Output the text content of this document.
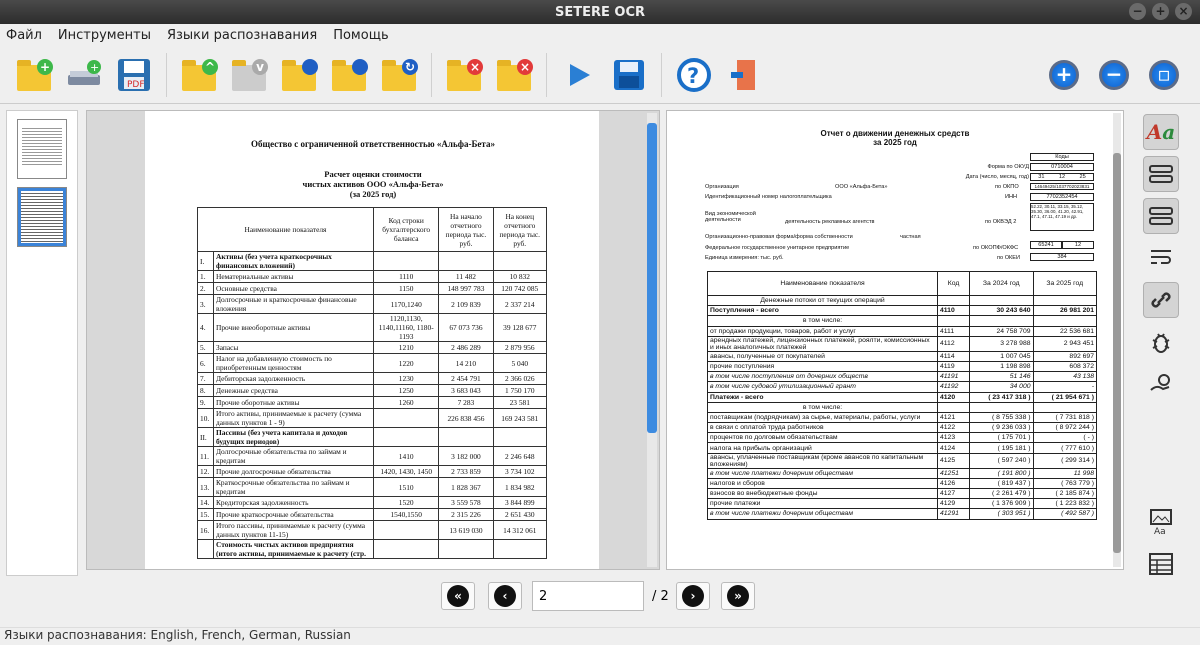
SETERE OCR	− + ×
Файл Инструменты Языки распознавания Помощь
+	+
PDF
^	v	↻	×	×	?	+	−	▫
Общество с ограниченной ответственностью «Альфа-Бета»
Расчет оценки стоимости
чистых активов ООО «Альфа-Бета»
(за 2025 год)
Наименование показателя		Код строки бухгалтерского баланса	На начало отчетного периода тыс. руб.	На конец отчетного периода тыс. руб.
I.	Активы (без учета краткосрочных финансовых вложений)			
1.	Нематериальные активы	1110	11 482	10 832
2.	Основные средства	1150	148 997 783	120 742 085
3.	Долгосрочные и краткосрочные финансовые вложения	1170,1240	2 109 839	2 337 214
4.	Прочие внеоборотные активы	1120,1130, 1140,11160, 1180-1193	67 073 736	39 128 677
5.	Запасы	1210	2 486 289	2 879 956
6.	Налог на добавленную стоимость по приобретенным ценностям	1220	14 210	5 040
7.	Дебиторская задолженность	1230	2 454 791	2 366 026
8.	Денежные средства	1250	3 683 043	1 750 170
9.	Прочие оборотные активы	1260	7 283	23 581
10.	Итого активы, принимаемые к расчету (сумма данных пунктов 1 - 9)		226 838 456	169 243 581
II.	Пассивы (без учета капитала и доходов будущих периодов)			
11.	Долгосрочные обязательства по займам и кредитам	1410	3 182 000	2 246 648
12.	Прочие долгосрочные обязательства	1420, 1430, 1450	2 733 859	3 734 102
13.	Краткосрочные обязательства по займам и кредитам	1510	1 828 367	1 834 982
14.	Кредиторская задолженность	1520	3 559 578	3 844 899
15.	Прочие краткосрочные обязательства	1540,1550	2 315 226	2 651 430
16.	Итого пассивы, принимаемые к расчету (сумма данных пунктов 11-15)		13 619 030	14 312 061
	Стоимость чистых активов предприятия (итого активы, принимаемые к расчету (стр.			
Отчет о движении денежных средств
за 2025 год
Коды
Форма по ОКУД	0710004
Дата (число, месяц, год) 31	12	25
Организация	ООО «Альфа-Бета»	по ОКПО	14649425/1037702023831
Идентификационный номер налогоплательщика	ИНН	7702352454
Вид экономической деятельности	деятельность рекламных агентств	по ОКВЭД 2
52.22, 30.11, 33.15, 35.12, 35.30, 36.00, 41.20, 42.91, 47.1, 47.11, 47.19 и др.
Организационно-правовая форма/форма собственности	частная
Федеральное государственное унитарное предприятие	по ОКОПФ/ОКФС	65241	12
Единица измерения: тыс. руб.	по ОКЕИ	384
Наименование показателя	Код	За 2024 год	За 2025 год
Денежные потоки от текущих операций			
Поступления - всего	4110	30 243 640	26 981 201
в том числе:			
от продажи продукции, товаров, работ и услуг	4111	24 758 709	22 536 681
арендных платежей, лицензионных платежей, роялти, комиссионных и иных аналогичных платежей	4112	3 278 988	2 943 451
авансы, полученные от покупателей	4114	1 007 045	892 697
прочие поступления	4119	1 198 898	608 372
в том числе поступления от дочерних обществ	41191	51 146	43 138
в том числе судовой утилизационный грант	41192	34 000	-
Платежи - всего	4120	( 23 417 318 )	( 21 954 671 )
в том числе:			
поставщикам (подрядчикам) за сырье, материалы, работы, услуги	4121	( 8 755 338 )	( 7 731 818 )
в связи с оплатой труда работников	4122	( 9 236 033 )	( 8 972 244 )
процентов по долговым обязательствам	4123	( 175 701 )	( - )
налога на прибыль организаций	4124	( 195 181 )	( 777 610 )
авансы, уплаченные поставщикам (кроме авансов по капитальным вложениям)	4125	( 597 240 )	( 299 314 )
в том числе платежи дочерним обществам	41251	( 191 800 )	11 998
налогов и сборов	4126	( 819 437 )	( 763 779 )
взносов во внебюджетные фонды	4127	( 2 261 479 )	( 2 185 874 )
прочие платежи	4129	( 1 376 909 )	( 1 223 832 )
в том числе платежи дочерним обществам	41291	( 303 951 )	( 492 587 )
Aa
Aa
«	‹
2	/ 2	›	»
Языки распознавания: English, French, German, Russian
